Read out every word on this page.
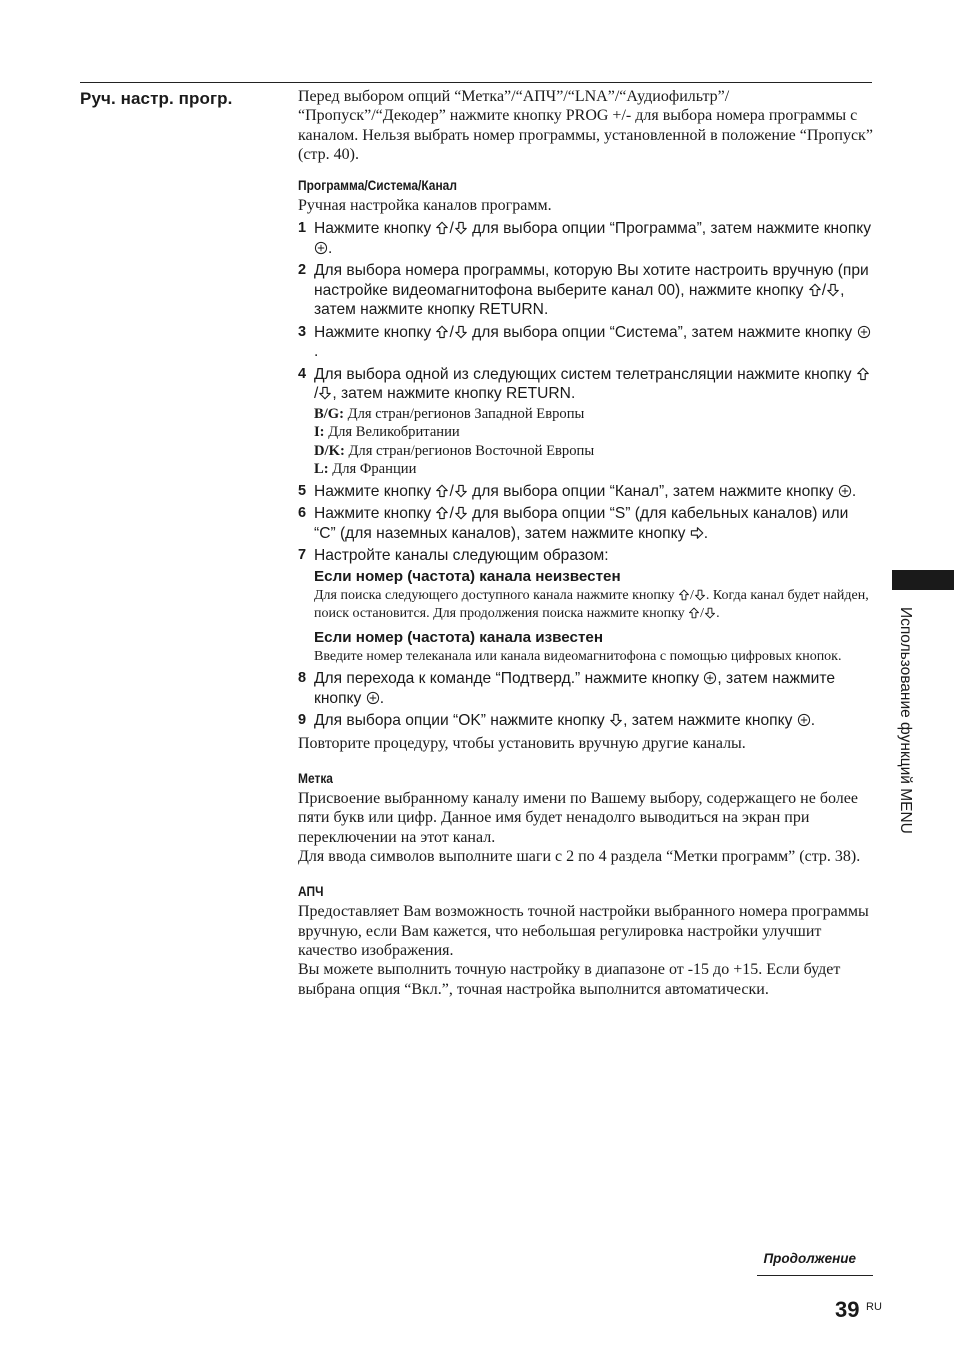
Руч. настр. прогр.	Перед выбором опций “Метка”/“АПЧ”/“LNA”/“Аудиофильтр”/ “Пропуск”/“Декодер” нажмите кнопку PROG +/- для выбора номера программы с каналом. Нельзя выбрать номер программы, установленной в положение “Пропуск” (стр. 40).

Программа/Система/Канал
Ручная настройка каналов программ.
1 Нажмите кнопку / для выбора опции “Программа”, затем нажмите кнопку .
2 Для выбора номера программы, которую Вы хотите настроить вручную (при настройке видеомагнитофона выберите канал 00), нажмите кнопку / , затем нажмите кнопку RETURN.
3 Нажмите кнопку / для выбора опции “Система”, затем нажмите кнопку .
4 Для выбора одной из следующих систем телетрансляции нажмите кнопку / , затем нажмите кнопку RETURN.
B/G: Для стран/регионов Западной Европы
I: Для Великобритании
D/K: Для стран/регионов Восточной Европы
L: Для Франции
5 Нажмите кнопку / для выбора опции “Канал”, затем нажмите кнопку .
6 Нажмите кнопку / для выбора опции “S” (для кабельных каналов) или “C” (для наземных каналов), затем нажмите кнопку .
7 Настройте каналы следующим образом:
Если номер (частота) канала неизвестен
Для поиска следующего доступного канала нажмите кнопку / . Когда канал будет найден, поиск остановится. Для продолжения поиска нажмите кнопку / .
Если номер (частота) канала известен
Введите номер телеканала или канала видеомагнитофона с помощью цифровых кнопок.
8 Для перехода к команде “Подтверд.” нажмите кнопку , затем нажмите кнопку .
9 Для выбора опции “OK” нажмите кнопку , затем нажмите кнопку .
Повторите процедуру, чтобы установить вручную другие каналы.
Метка
Присвоение выбранному каналу имени по Вашему выбору, содержащего не более пяти букв или цифр. Данное имя будет ненадолго выводиться на экран при переключении на этот канал.
Для ввода символов выполните шаги с 2 по 4 раздела “Метки программ” (стр. 38).
АПЧ
Предоставляет Вам возможность точной настройки выбранного номера программы вручную, если Вам кажется, что небольшая регулировка настройки улучшит качество изображения.
Вы можете выполнить точную настройку в диапазоне от -15 до +15. Если будет выбрана опция “Вкл.”, точная настройка выполнится автоматически.
Использование функций MENU
Продолжение
39 RU
